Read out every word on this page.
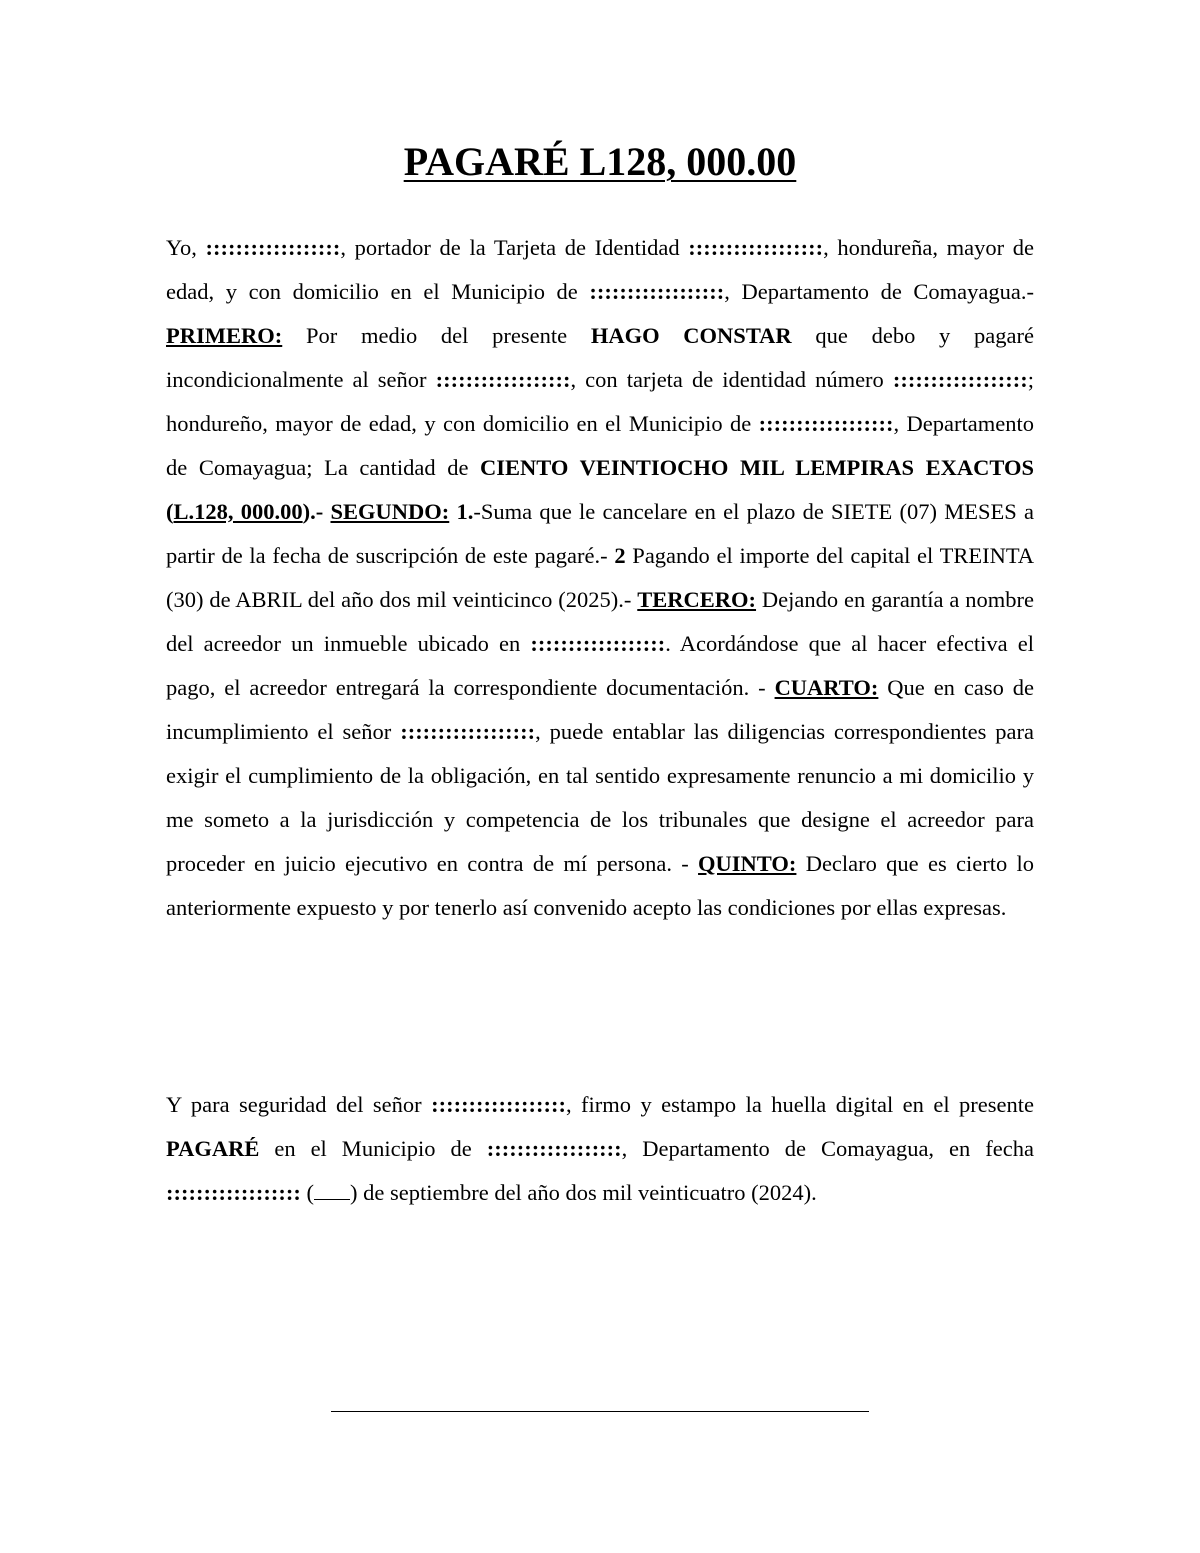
PAGARÉ L128, 000.00

Yo, ::::::::::::::::::, portador de la Tarjeta de Identidad ::::::::::::::::::, hondureña, mayor de edad, y con domicilio en el Municipio de ::::::::::::::::::, Departamento de Comayagua.- PRIMERO: Por medio del presente HAGO CONSTAR que debo y pagaré incondicionalmente al señor ::::::::::::::::::, con tarjeta de identidad número ::::::::::::::::::; hondureño, mayor de edad, y con domicilio en el Municipio de ::::::::::::::::::, Departamento de Comayagua; La cantidad de CIENTO VEINTIOCHO MIL LEMPIRAS EXACTOS (L.128, 000.00).- SEGUNDO: 1.-Suma que le cancelare en el plazo de SIETE (07) MESES a partir de la fecha de suscripción de este pagaré.- 2 Pagando el importe del capital el TREINTA (30) de ABRIL del año dos mil veinticinco (2025).- TERCERO: Dejando en garantía a nombre del acreedor un inmueble ubicado en ::::::::::::::::::. Acordándose que al hacer efectiva el pago, el acreedor entregará la correspondiente documentación. - CUARTO: Que en caso de incumplimiento el señor ::::::::::::::::::, puede entablar las diligencias correspondientes para exigir el cumplimiento de la obligación, en tal sentido expresamente renuncio a mi domicilio y me someto a la jurisdicción y competencia de los tribunales que designe el acreedor para proceder en juicio ejecutivo en contra de mí persona. - QUINTO: Declaro que es cierto lo anteriormente expuesto y por tenerlo así convenido acepto las condiciones por ellas expresas.

Y para seguridad del señor ::::::::::::::::::, firmo y estampo la huella digital en el presente PAGARÉ en el Municipio de ::::::::::::::::::, Departamento de Comayagua, en fecha :::::::::::::::::: ( ) de septiembre del año dos mil veinticuatro (2024).
